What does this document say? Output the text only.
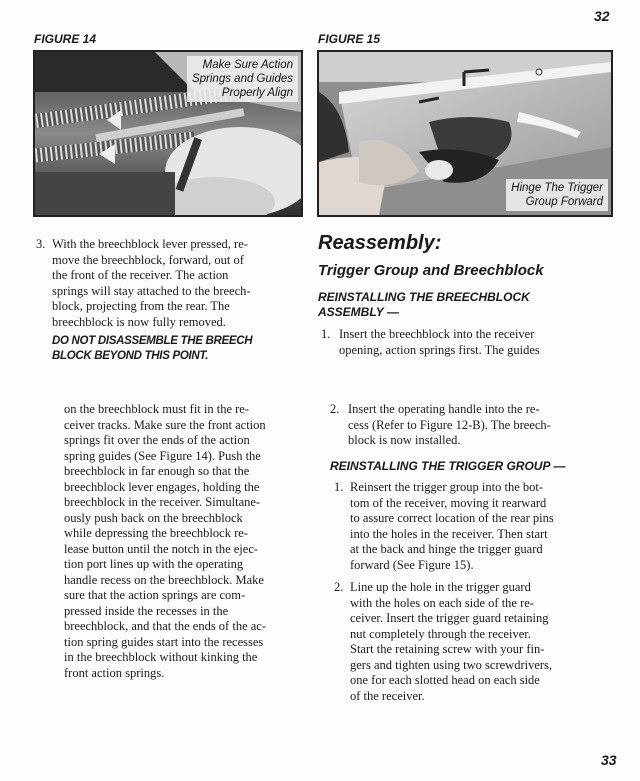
32
33
FIGURE 14
Make Sure Action
Springs and Guides
Properly Align
FIGURE 15
Hinge The Trigger
Group Forward
3. With the breechblock lever pressed, re-
move the breechblock, forward, out of
the front of the receiver. The action
springs will stay attached to the breech-
block, projecting from the rear. The
breechblock is now fully removed.
DO NOT DISASSEMBLE THE BREECH
BLOCK BEYOND THIS POINT.
Reassembly:
Trigger Group and Breechblock
REINSTALLING THE BREECHBLOCK
ASSEMBLY —
1. Insert the breechblock into the receiver
opening, action springs first. The guides
on the breechblock must fit in the re-
ceiver tracks. Make sure the front action
springs fit over the ends of the action
spring guides (See Figure 14). Push the
breechblock in far enough so that the
breechblock lever engages, holding the
breechblock in the receiver. Simultane-
ously push back on the breechblock
while depressing the breechblock re-
lease button until the notch in the ejec-
tion port lines up with the operating
handle recess on the breechblock. Make
sure that the action springs are com-
pressed inside the recesses in the
breechblock, and that the ends of the ac-
tion spring guides start into the recesses
in the breechblock without kinking the
front action springs.
2. Insert the operating handle into the re-
cess (Refer to Figure 12-B). The breech-
block is now installed.
REINSTALLING THE TRIGGER GROUP —
1. Reinsert the trigger group into the bot-
tom of the receiver, moving it rearward
to assure correct location of the rear pins
into the holes in the receiver. Then start
at the back and hinge the trigger guard
forward (See Figure 15).
2. Line up the hole in the trigger guard
with the holes on each side of the re-
ceiver. Insert the trigger guard retaining
nut completely through the receiver.
Start the retaining screw with your fin-
gers and tighten using two screwdrivers,
one for each slotted head on each side
of the receiver.
